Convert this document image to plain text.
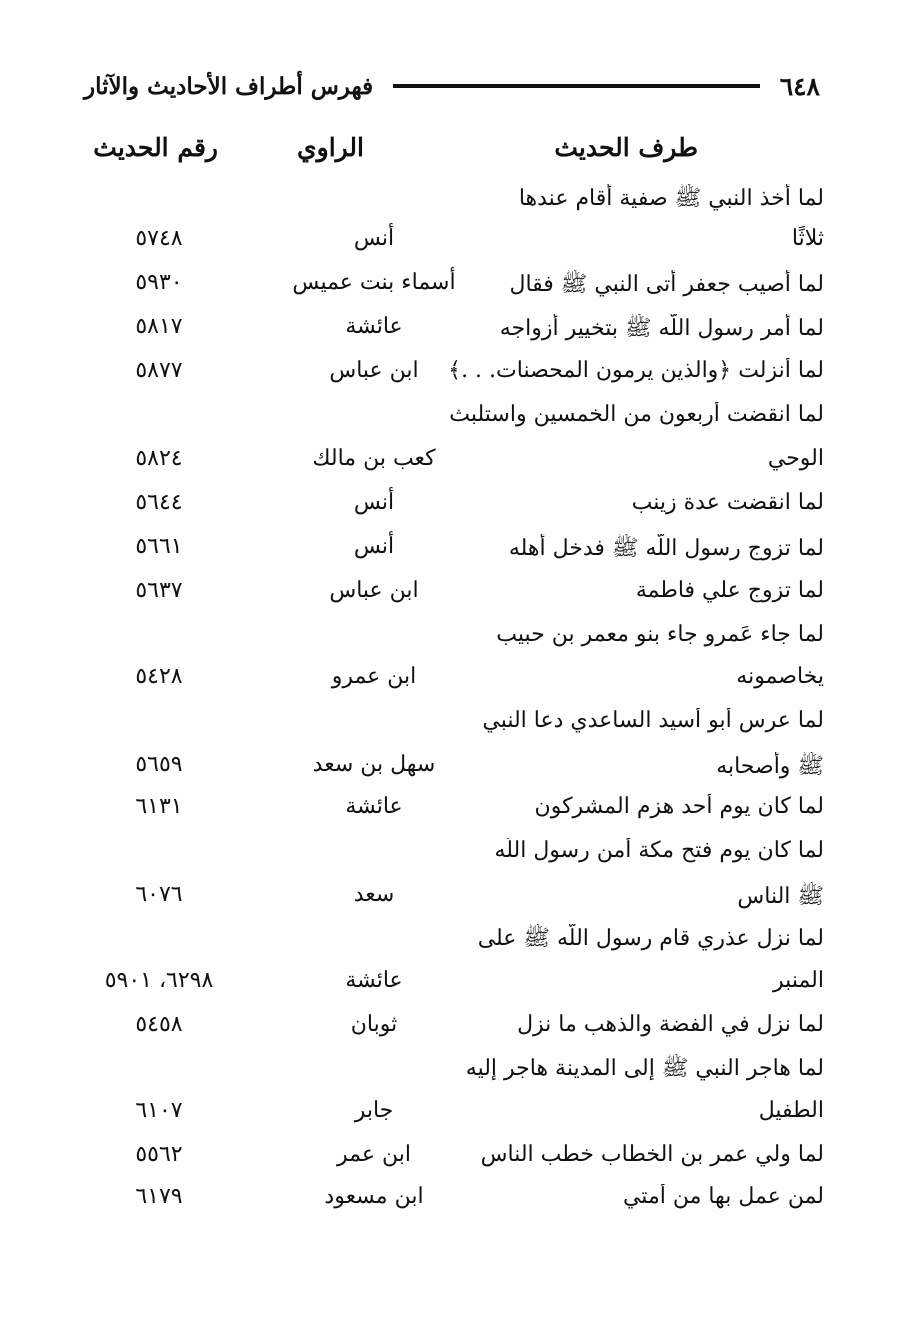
٦٤٨
فهرس أطراف الأحاديث والآثار
طرف الحديث
الراوي
رقم الحديث
لما أخذ النبي ﷺ صفية أقام عندها
ثلاثًا
أنس
٥٧٤٨
لما أصيب جعفر أتى النبي ﷺ فقال
أسماء بنت عميس
٥٩٣٠
لما أمر رسول اللّه ﷺ بتخيير أزواجه
عائشة
٥٨١٧
لما أنزلت ﴿والذين يرمون المحصنات. . .﴾
ابن عباس
٥٨٧٧
لما انقضت أربعون من الخمسين واستلبث
الوحي
كعب بن مالك
٥٨٢٤
لما انقضت عدة زينب
أنس
٥٦٤٤
لما تزوج رسول اللّه ﷺ فدخل أهله
أنس
٥٦٦١
لما تزوج علي فاطمة
ابن عباس
٥٦٣٧
لما جاء عَمرو جاء بنو معمر بن حبيب
يخاصمونه
ابن عمرو
٥٤٢٨
لما عرس أبو أسيد الساعدي دعا النبي
ﷺ وأصحابه
سهل بن سعد
٥٦٥٩
لما كان يوم أحد هزم المشركون
عائشة
٦١٣١
لما كان يوم فتح مكة أمن رسول اللّه
ﷺ الناس
سعد
٦٠٧٦
لما نزل عذري قام رسول اللّه ﷺ على
المنبر
عائشة
٦٢٩٨، ٥٩٠١
لما نزل في الفضة والذهب ما نزل
ثوبان
٥٤٥٨
لما هاجر النبي ﷺ إلى المدينة هاجر إليه
الطفيل
جابر
٦١٠٧
لما ولي عمر بن الخطاب خطب الناس
ابن عمر
٥٥٦٢
لمن عمل بها من أمتي
ابن مسعود
٦١٧٩
